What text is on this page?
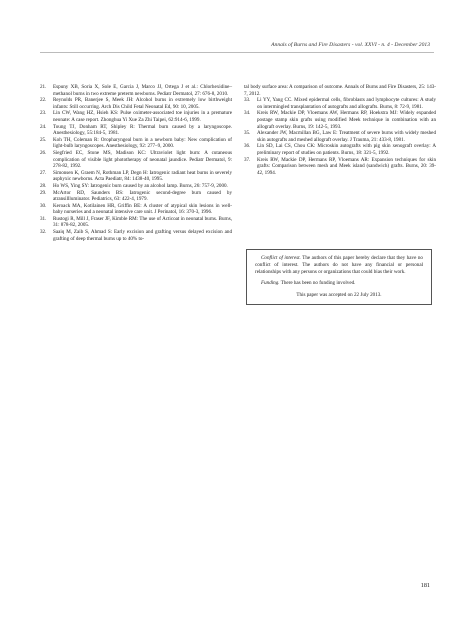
Annals of Burns and Fire Disasters - vol. XXVI - n. 4 - December 2013

21. Espuny XB, Soria X, Sole E, Garcia J, Marco JJ, Ortega J et al.: Chlorhexidine–methanol burns in two extreme preterm newborns. Pediatr Dermatol, 27: 676-8, 2010.

22. Reynolds PR, Banerjee S, Meek JH: Alcohol burns in extremely low birthweight infants: Still occurring. Arch Dis Child Fetal Neonatal Ed, 90: 10, 2005.

23. Lin CW, Wang HZ, Hsieh KS: Pulse oximeter-associated toe injuries in a premature neonate: A case report. Zhonghua Yi Xue Za Zhi Taipei, 62:914-6, 1999.

24. Toung TJ, Donham RT, Shipley R: Thermal burn caused by a laryngoscope. Anesthesiology, 55:184-5, 1981.

25. Koh TH, Coleman R: Oropharyngeal burn in a newborn baby: New complication of light-bulb laryngoscopes. Anesthesiology, 92: 277–9, 2000.

26. Siegfried EC, Stone MS, Madison KC: Ultraviolet light burn: A cutaneous complication of visible light phototherapy of neonatal jaundice. Pediatr Dermatol, 9: 278-82, 1992.

27. Simonsen K, Graem N, Rothman LP, Degn H: Iatrogenic radiant heat burns in severely asphyxic newborns. Acta Paediatr, 84: 1438-40, 1995.

28. Ho WS, Ying SY: Iatrogenic burn caused by an alcohol lamp. Burns, 26: 757-9, 2000.

29. McArtor RD, Saunders BS: Iatrogenic second-degree burn caused by atransillluminator. Pediatrics, 63: 422-4, 1979.

30. Keroack MA, Kotilainen HR, Griffin BE: A cluster of atypical skin lesions in well-baby nurseries and a neonatal intensive care unit. J Perinatol, 16: 370-3, 1996.

31. Rustogi R, Mill J, Fraser JF, Kimble RM: The use of Acticoat in neonatal burns. Burns, 31: 878-82, 2005.

32. Saaiq M, Zaib S, Ahmad S: Early excision and grafting versus delayed excision and grafting of deep thermal burns up to 40% to-

tal body surface area: A comparison of outcome. Annals of Burns and Fire Disasters, 25: 143-7, 2012.

33. Li YY, Yang CC. Mixed epidermal cells, fibroblasts and lymphocyte cultures: A study on intermingled transplantation of autografts and allografts. Burns, 8: 72-9, 1981.

34. Kreis RW, Mackie DP, Vloemans AW, Hermans RP, Hoekstra MJ: Widely expanded postage stamp skin grafts using modified Meek technique in combination with an allograft overlay. Burns, 19: 142-5, 1993.

35. Alexander JW, Macmillan BG, Law E: Treatment of severe burns with widely meshed skin autografts and meshed allograft overlay. J Trauma, 21: 433-8, 1981.

36. Lin SD, Lai CS, Chou CK: Microskin autografts with pig skin xenograft overlay: A preliminary report of studies on patients. Burns, 18: 321-5, 1992.

37. Kreis RW, Mackie DP, Hermans RP, Vloemans AR: Expansion techniques for skin grafts: Comparison between mesh and Meek island (sandwich) grafts. Burns, 20: 39-42, 1994.

Conflict of interest. The authors of this paper hereby declare that they have no conflict of interest. The authors do not have any financial or personal relationships with any persons or organizations that could bias their work.

Funding. There has been no funding involved.

This paper was accepted on 22 July 2013.

181
